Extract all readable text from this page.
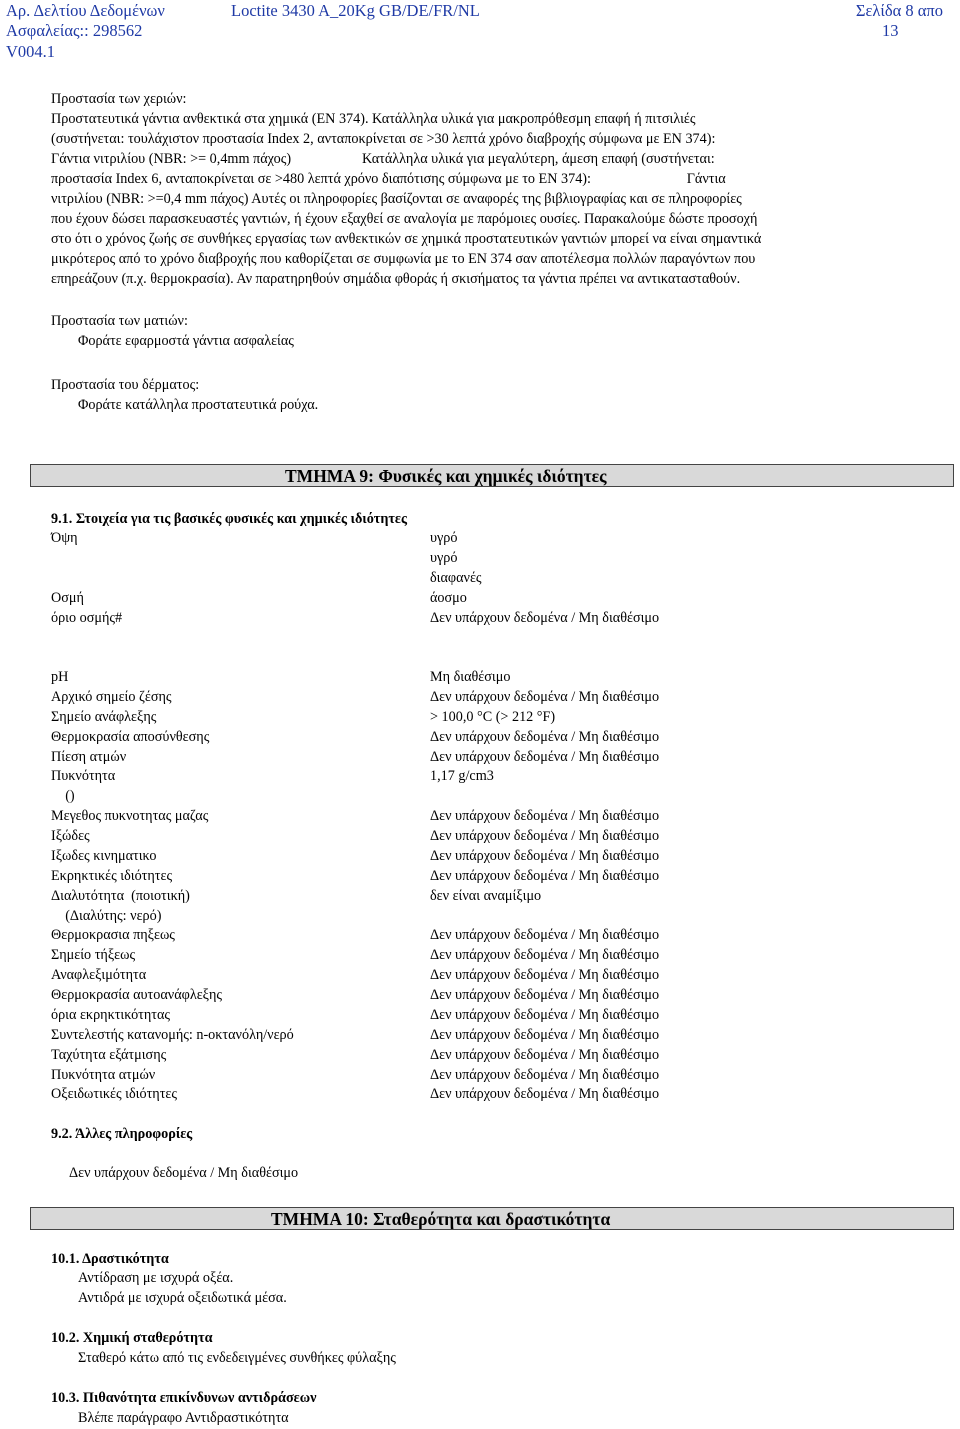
Αρ. Δελτίου Δεδομένων
Ασφαλείας:: 298562
V004.1
Loctite 3430 A_20Kg GB/DE/FR/NL	Σελίδα 8 απο
13
Προστασία των χεριών:
Προστατευτικά γάντια ανθεκτικά στα χημικά (EN 374). Κατάλληλα υλικά για μακροπρόθεσμη επαφή ή πιτσιλιές
(συστήνεται: τουλάχιστον προστασία Index 2, ανταποκρίνεται σε >30 λεπτά χρόνο διαβροχής σύμφωνα με EN 374):
Γάντια νιτριλίου (NBR: >= 0,4mm πάχος)                    Κατάλληλα υλικά για μεγαλύτερη, άμεση επαφή (συστήνεται:
προστασία Index 6, ανταποκρίνεται σε >480 λεπτά χρόνο διαπότισης σύμφωνα με το EN 374):                           Γάντια
νιτριλίου (NBR: >=0,4 mm πάχος) Αυτές οι πληροφορίες βασίζονται σε αναφορές της βιβλιογραφίας και σε πληροφορίες
που έχουν δώσει παρασκευαστές γαντιών, ή έχουν εξαχθεί σε αναλογία με παρόμοιες ουσίες. Παρακαλούμε δώστε προσοχή
στο ότι ο χρόνος ζωής σε συνθήκες εργασίας των ανθεκτικών σε χημικά προστατευτικών γαντιών μπορεί να είναι σημαντικά
μικρότερος από το χρόνο διαβροχής που καθορίζεται σε συμφωνία με το EN 374 σαν αποτέλεσμα πολλών παραγόντων που
επηρεάζουν (π.χ. θερμοκρασία). Αν παρατηρηθούν σημάδια φθοράς ή σκισήματος τα γάντια πρέπει να αντικατασταθούν.
Προστασία των ματιών:
Φοράτε εφαρμοστά γάντια ασφαλείας
Προστασία του δέρματος:
Φοράτε κατάλληλα προστατευτικά ρούχα.
ΤΜΗΜΑ 9: Φυσικές και χημικές ιδιότητες
9.1. Στοιχεία για τις βασικές φυσικές και χημικές ιδιότητες
Όψη	υγρό
υγρό
διαφανές
Οσμή	άοσμο
όριο οσμής#	Δεν υπάρχουν δεδομένα / Μη διαθέσιμο
pH	Μη διαθέσιμο
Αρχικό σημείο ζέσης	Δεν υπάρχουν δεδομένα / Μη διαθέσιμο
Σημείο ανάφλεξης	> 100,0 °C (> 212 °F)
Θερμοκρασία αποσύνθεσης	Δεν υπάρχουν δεδομένα / Μη διαθέσιμο
Πίεση ατμών	Δεν υπάρχουν δεδομένα / Μη διαθέσιμο
Πυκνότητα	1,17 g/cm3
()
Μεγεθος πυκνοτητας μαζας	Δεν υπάρχουν δεδομένα / Μη διαθέσιμο
Ιξώδες	Δεν υπάρχουν δεδομένα / Μη διαθέσιμο
Ιξωδες κινηματικο	Δεν υπάρχουν δεδομένα / Μη διαθέσιμο
Εκρηκτικές ιδιότητες	Δεν υπάρχουν δεδομένα / Μη διαθέσιμο
Διαλυτότητα  (ποιοτική)	δεν είναι αναμίξιμο
(Διαλύτης: νερό)
Θερμοκρασια πηξεως	Δεν υπάρχουν δεδομένα / Μη διαθέσιμο
Σημείο τήξεως	Δεν υπάρχουν δεδομένα / Μη διαθέσιμο
Αναφλεξιμότητα	Δεν υπάρχουν δεδομένα / Μη διαθέσιμο
Θερμοκρασία αυτοανάφλεξης	Δεν υπάρχουν δεδομένα / Μη διαθέσιμο
όρια εκρηκτικότητας	Δεν υπάρχουν δεδομένα / Μη διαθέσιμο
Συντελεστής κατανομής: n-οκτανόλη/νερό	Δεν υπάρχουν δεδομένα / Μη διαθέσιμο
Ταχύτητα εξάτμισης	Δεν υπάρχουν δεδομένα / Μη διαθέσιμο
Πυκνότητα ατμών	Δεν υπάρχουν δεδομένα / Μη διαθέσιμο
Οξειδωτικές ιδιότητες	Δεν υπάρχουν δεδομένα / Μη διαθέσιμο
9.2. Άλλες πληροφορίες
Δεν υπάρχουν δεδομένα / Μη διαθέσιμο
ΤΜΗΜΑ 10: Σταθερότητα και δραστικότητα
10.1. Δραστικότητα
Αντίδραση με ισχυρά οξέα.
Αντιδρά με ισχυρά οξειδωτικά μέσα.
10.2. Χημική σταθερότητα
Σταθερό κάτω από τις ενδεδειγμένες συνθήκες φύλαξης
10.3. Πιθανότητα επικίνδυνων αντιδράσεων
Βλέπε παράγραφο Αντιδραστικότητα
